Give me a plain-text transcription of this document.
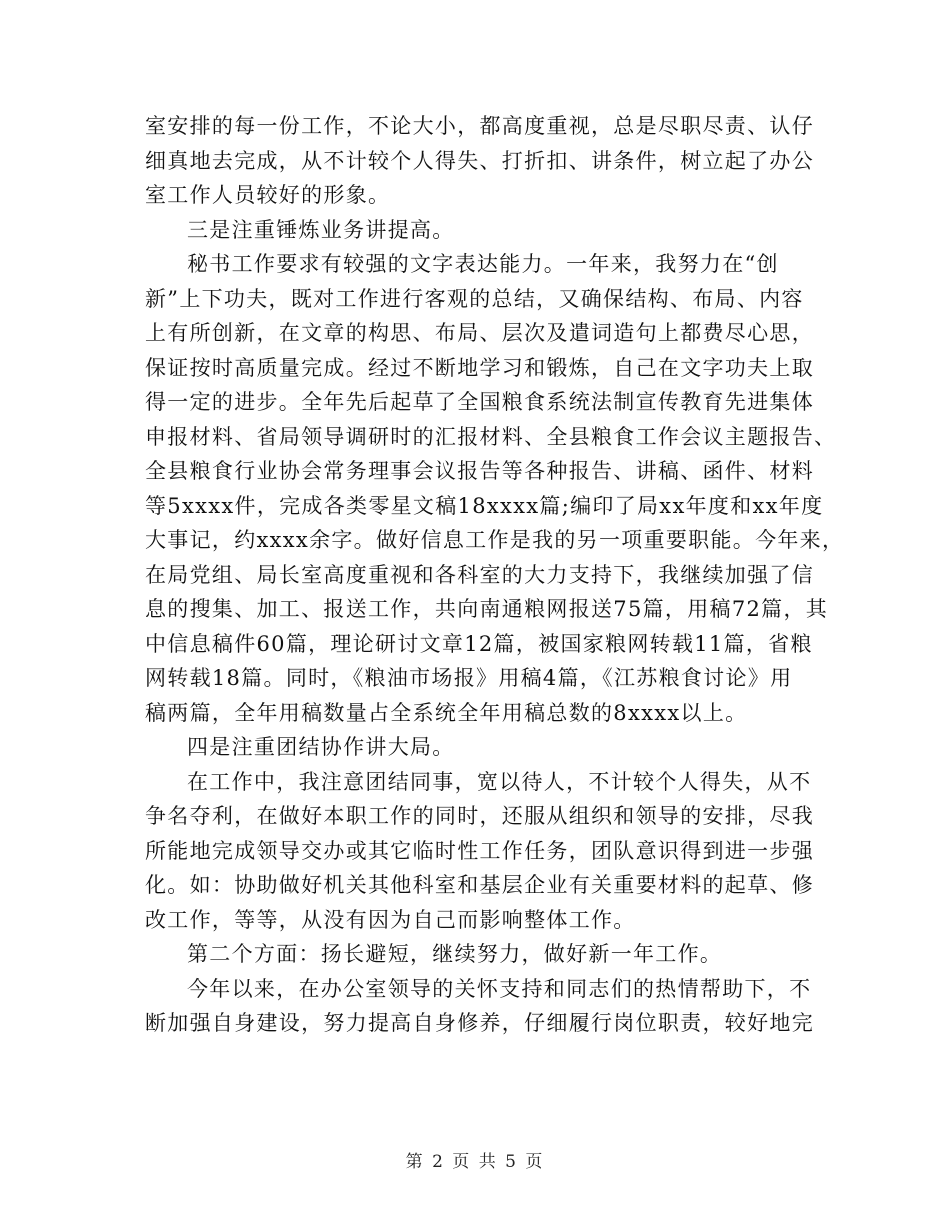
室安排的每一份工作，不论大小，都高度重视，总是尽职尽责、认仔
细真地去完成，从不计较个人得失、打折扣、讲条件，树立起了办公
室工作人员较好的形象。
三是注重锤炼业务讲提高。
秘书工作要求有较强的文字表达能力。一年来，我努力在“创
新”上下功夫，既对工作进行客观的总结，又确保结构、布局、内容
上有所创新，在文章的构思、布局、层次及遣词造句上都费尽心思，
保证按时高质量完成。经过不断地学习和锻炼，自己在文字功夫上取
得一定的进步。全年先后起草了全国粮食系统法制宣传教育先进集体
申报材料、省局领导调研时的汇报材料、全县粮食工作会议主题报告、
全县粮食行业协会常务理事会议报告等各种报告、讲稿、函件、材料
等5xxxx件，完成各类零星文稿18xxxx篇;编印了局xx年度和xx年度
大事记，约xxxx余字。做好信息工作是我的另一项重要职能。今年来，
在局党组、局长室高度重视和各科室的大力支持下，我继续加强了信
息的搜集、加工、报送工作，共向南通粮网报送75篇，用稿72篇，其
中信息稿件60篇，理论研讨文章12篇，被国家粮网转载11篇，省粮
网转载18篇。同时，《粮油市场报》用稿4篇，《江苏粮食讨论》用
稿两篇，全年用稿数量占全系统全年用稿总数的8xxxx以上。
四是注重团结协作讲大局。
在工作中，我注意团结同事，宽以待人，不计较个人得失，从不
争名夺利，在做好本职工作的同时，还服从组织和领导的安排，尽我
所能地完成领导交办或其它临时性工作任务，团队意识得到进一步强
化。如：协助做好机关其他科室和基层企业有关重要材料的起草、修
改工作，等等，从没有因为自己而影响整体工作。
第二个方面：扬长避短，继续努力，做好新一年工作。
今年以来，在办公室领导的关怀支持和同志们的热情帮助下，不
断加强自身建设，努力提高自身修养，仔细履行岗位职责，较好地完
第 2 页 共 5 页
